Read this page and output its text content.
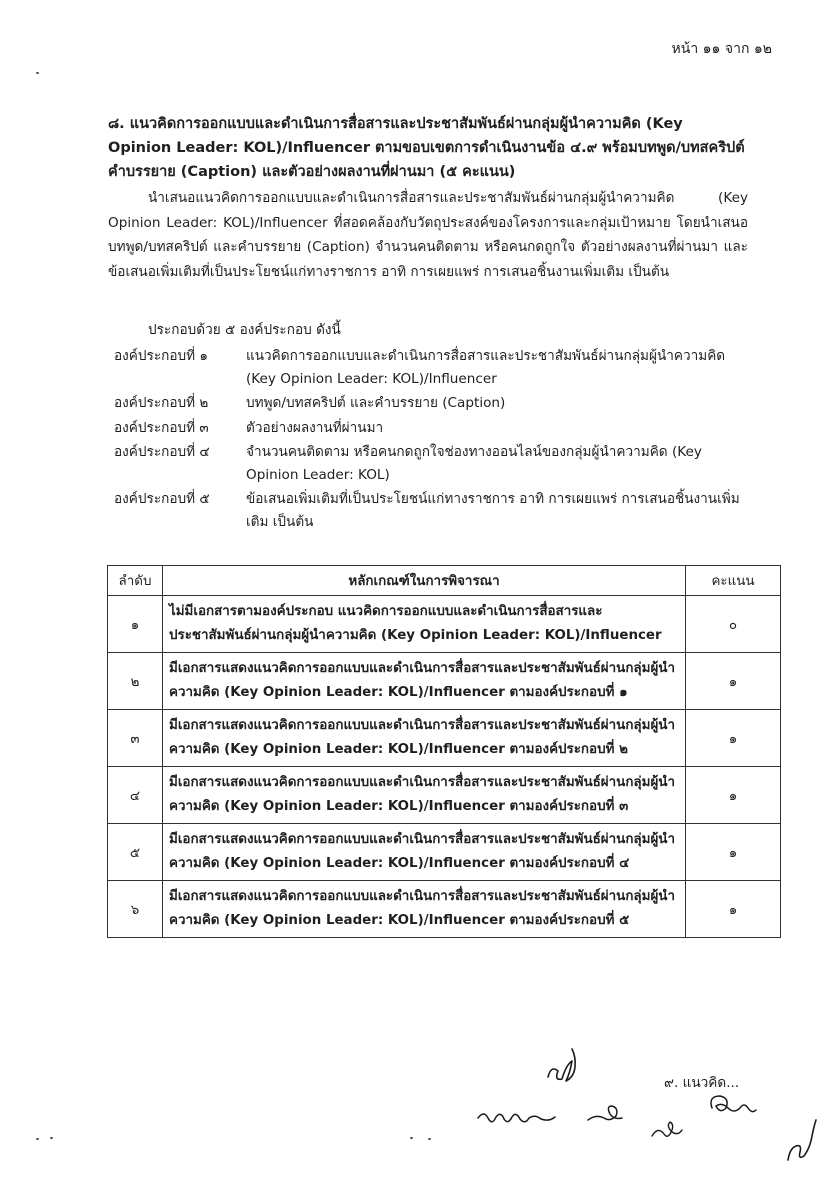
หน้า ๑๑ จาก ๑๒
๘. แนวคิดการออกแบบและดำเนินการสื่อสารและประชาสัมพันธ์ผ่านกลุ่มผู้นำความคิด (Key Opinion Leader: KOL)/Influencer ตามขอบเขตการดำเนินงานข้อ ๔.๙ พร้อมบทพูด/บทสคริปต์ คำบรรยาย (Caption) และตัวอย่างผลงานที่ผ่านมา (๕ คะแนน)
นำเสนอแนวคิดการออกแบบและดำเนินการสื่อสารและประชาสัมพันธ์ผ่านกลุ่มผู้นำความคิด (Key Opinion Leader: KOL)/Influencer ที่สอดคล้องกับวัตถุประสงค์ของโครงการและกลุ่มเป้าหมาย โดยนำเสนอบทพูด/บทสคริปต์ และคำบรรยาย (Caption) จำนวนคนติดตาม หรือคนกดถูกใจ ตัวอย่างผลงานที่ผ่านมา และข้อเสนอเพิ่มเติมที่เป็นประโยชน์แก่ทางราชการ อาทิ การเผยแพร่ การเสนอชิ้นงานเพิ่มเติม เป็นต้น
ประกอบด้วย ๕ องค์ประกอบ ดังนี้
องค์ประกอบที่ ๑	แนวคิดการออกแบบและดำเนินการสื่อสารและประชาสัมพันธ์ผ่านกลุ่มผู้นำความคิด (Key Opinion Leader: KOL)/Influencer
องค์ประกอบที่ ๒	บทพูด/บทสคริปต์ และคำบรรยาย (Caption)
องค์ประกอบที่ ๓	ตัวอย่างผลงานที่ผ่านมา
องค์ประกอบที่ ๔	จำนวนคนติดตาม หรือคนกดถูกใจช่องทางออนไลน์ของกลุ่มผู้นำความคิด (Key Opinion Leader: KOL)
องค์ประกอบที่ ๕	ข้อเสนอเพิ่มเติมที่เป็นประโยชน์แก่ทางราชการ อาทิ การเผยแพร่ การเสนอชิ้นงานเพิ่มเติม เป็นต้น
ลำดับ	หลักเกณฑ์ในการพิจารณา	คะแนน
๑	ไม่มีเอกสารตามองค์ประกอบ แนวคิดการออกแบบและดำเนินการสื่อสารและประชาสัมพันธ์ผ่านกลุ่มผู้นำความคิด (Key Opinion Leader: KOL)/Influencer	๐
๒	มีเอกสารแสดงแนวคิดการออกแบบและดำเนินการสื่อสารและประชาสัมพันธ์ผ่านกลุ่มผู้นำความคิด (Key Opinion Leader: KOL)/Influencer ตามองค์ประกอบที่ ๑	๑
๓	มีเอกสารแสดงแนวคิดการออกแบบและดำเนินการสื่อสารและประชาสัมพันธ์ผ่านกลุ่มผู้นำความคิด (Key Opinion Leader: KOL)/Influencer ตามองค์ประกอบที่ ๒	๑
๔	มีเอกสารแสดงแนวคิดการออกแบบและดำเนินการสื่อสารและประชาสัมพันธ์ผ่านกลุ่มผู้นำความคิด (Key Opinion Leader: KOL)/Influencer ตามองค์ประกอบที่ ๓	๑
๕	มีเอกสารแสดงแนวคิดการออกแบบและดำเนินการสื่อสารและประชาสัมพันธ์ผ่านกลุ่มผู้นำความคิด (Key Opinion Leader: KOL)/Influencer ตามองค์ประกอบที่ ๔	๑
๖	มีเอกสารแสดงแนวคิดการออกแบบและดำเนินการสื่อสารและประชาสัมพันธ์ผ่านกลุ่มผู้นำความคิด (Key Opinion Leader: KOL)/Influencer ตามองค์ประกอบที่ ๕	๑
๙. แนวคิด...
